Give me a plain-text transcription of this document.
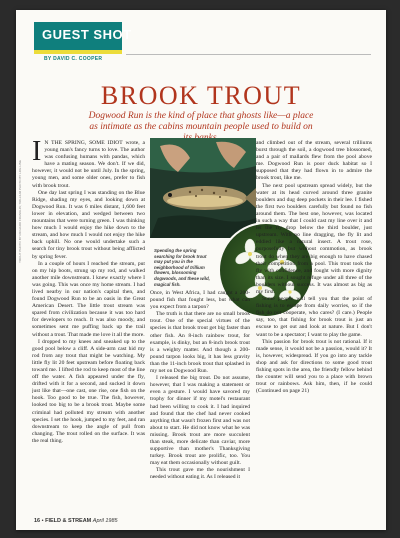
GUEST SHOT
BY DAVID C. COOPER
BROOK TROUT
Dogwood Run is the kind of place that ghosts like—a place as intimate as the cabins mountain people used to build on
TROUT PHOTO BY RICHARD FRANKLIN; TRILLIUM PHOTO BY LIFE LINE
I N THE SPRING, SOME IDIOT wrote, a young man's fancy turns to love. The author was confusing humans with pandas, which have a mating season. We don't. If we did, however, it would not be until July. In the spring, young men, and some older ones, prefer to fish with brook trout.

One day last spring I was standing on the Blue Ridge, shading my eyes, and looking down at Dogwood Run. It was 6 miles distant, 1,600 feet lower in elevation, and wedged between two mountains that were turning green. I was thinking how much I would enjoy the hike down to the stream, and how much I would not enjoy the hike back uphill. No one would undertake such a search for tiny brook trout without being afflicted by spring fever.

In a couple of hours I reached the stream, put on my hip boots, strung up my rod, and walked another mile downstream. I knew exactly where I was going. This was once my home stream. I had lived nearby in our nation's capital then, and found Dogwood Run to be an oasis in the Great American Desert. The little trout stream was spared from civilization because it was too hard for developers to reach. It was also moody, and sometimes sent me puffing back up the trail without a trout. That made me love it all the more.

I dropped to my knees and sneaked up to the good pool below a cliff. A side-arm cast hid my rod from any trout that might be watching. My little fly lit 20 feet upstream before floating back toward me. I lifted the rod to keep most of the line off the water. A fish appeared under the fly, drifted with it for a second, and sucked it down just like that—one cast, one rise, one fish on the hook. Too good to be true. The fish, however, looked too big to be a brook trout. Maybe some criminal had polluted my stream with another species. I set the hook, jumped to my feet, and ran downstream to keep the angle of pull from changing. The trout rolled on the surface. It was the real thing.

Spending the spring searching for brook trout may put you in the neighborhood of trillium flowers, blossoming dogwoods, and these wild, magical fish.

Once, in West Africa, I had caught a 200-pound fish that fought less, but what can you expect from a tarpon?

The truth is that there are no small brook trout. One of the special virtues of the species is that brook trout get big faster than other fish. An 8-inch rainbow trout, for example, is dinky, but an 8-inch brook trout is a weighty matter. And though a 200-pound tarpon looks big, it has less gravity than the 11-inch brook trout that splashed in my net on Dogwood Run.

I released the big trout. Do not assume, however, that I was making a statement or even a gesture. I would have savored my trophy for dinner if my motel's restaurant had been willing to cook it. I had inquired and found that the chef had never cooked anything that wasn't frozen first and was not about to start. He did not know what he was missing. Brook trout are more succulent than steak, more delicate than caviar, more supportive than mother's Thanksgiving turkey. Brook trout are prolific, too. You may eat them occasionally without guilt.

This trout gave me the nourishment I needed without eating it. As I released it

and climbed out of the stream, several trilliums burst through the soil, a dogwood tree blossomed, and a pair of mallards flew from the pool above me. Dogwood Run is poor duck habitat so I supposed that they had flown in to admire the brook trout, like me.

The next pool upstream spread widely, but the water at its head curved around three granite boulders and dug deep pockets in their lee. I fished the first two boulders carefully but found no fish around them. The best one, however, was located in such a way that I could cast my line over it and let the fly drop below the third boulder, just upstream. With no line dragging, the fly lit and eddied like a natural insect. A trout rose, purposefully but without commotion, as brook trout do when they are big enough to have chased their competition from a pool. This trout took the fly with confidence, and fought with more dignity than its size. I sought refuge under all three of the boulders without success. It was almost as big as my first.

Some people will tell you that the point of fishing is to escape from daily worries, so if the fish do not cooperate, who cares? (I care.) People say, too, that fishing for brook trout is just an excuse to get out and look at nature. But I don't want to be a spectator; I want to play the game.

This passion for brook trout is not rational. If it made sense, it would not be a passion, would it? It is, however, widespread. If you go into any tackle shop and ask for directions to some good trout fishing spots in the area, the friendly fellow behind the counter will send you to a place with brown trout or rainbows. Ask him, then, if he could (Continued on page 21)

16 • FIELD & STREAM April 1985
